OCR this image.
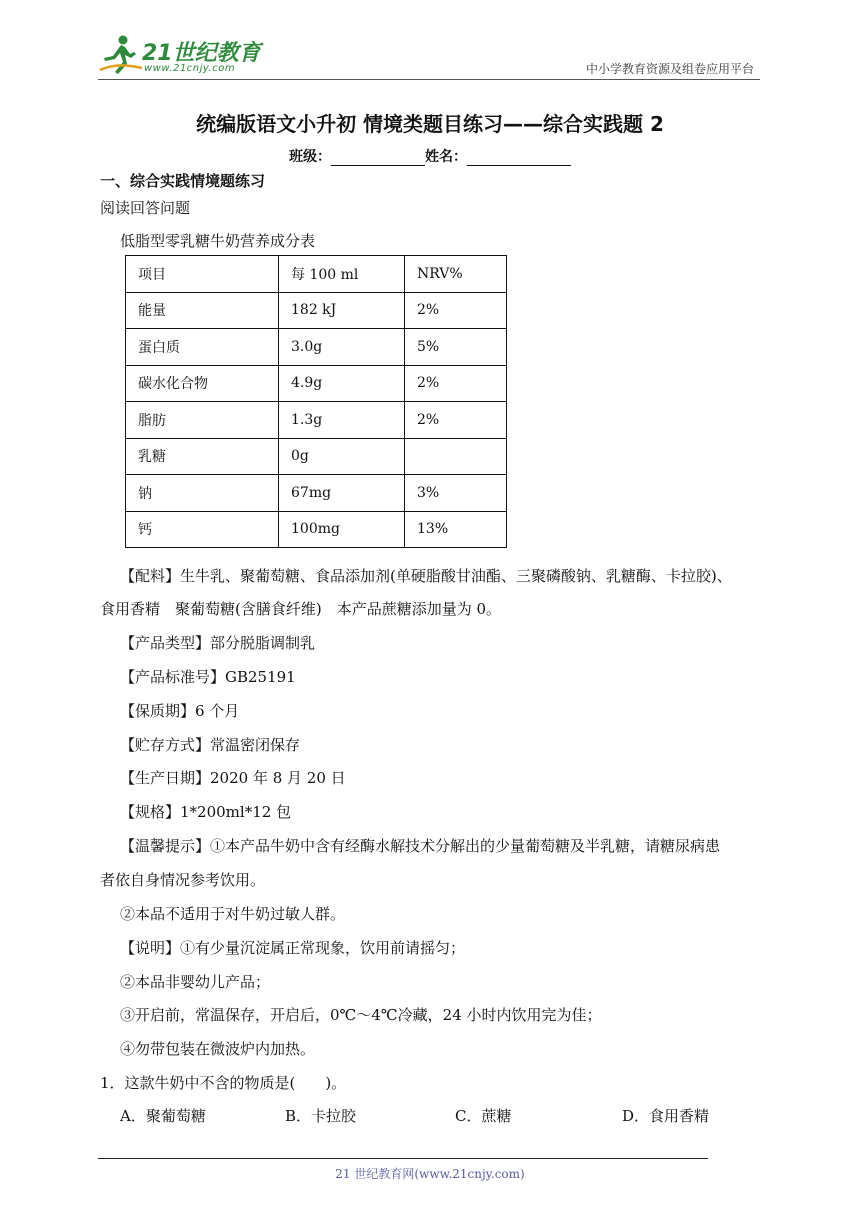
21世纪教育
www.21cnjy.com	中小学教育资源及组卷应用平台
统编版语文小升初 情境类题目练习——综合实践题 2
班级：	姓名：
一、综合实践情境题练习
阅读回答问题
低脂型零乳糖牛奶营养成分表
项目	每 100 ml	NRV%
能量	182 kJ	2%
蛋白质	3.0g	5%
碳水化合物	4.9g	2%
脂肪	1.3g	2%
乳糖	0g	
钠	67mg	3%
钙	100mg	13%
【配料】生牛乳、聚葡萄糖、食品添加剂(单硬脂酸甘油酯、三聚磷酸钠、乳糖酶、卡拉胶)、
食用香精　聚葡萄糖(含膳食纤维)　本产品蔗糖添加量为 0。
【产品类型】部分脱脂调制乳
【产品标准号】GB25191
【保质期】6 个月
【贮存方式】常温密闭保存
【生产日期】2020 年 8 月 20 日
【规格】1*200ml*12 包
【温馨提示】①本产品牛奶中含有经酶水解技术分解出的少量葡萄糖及半乳糖，请糖尿病患
者依自身情况参考饮用。
②本品不适用于对牛奶过敏人群。
【说明】①有少量沉淀属正常现象，饮用前请摇匀；
②本品非婴幼儿产品；
③开启前，常温保存，开启后，0℃～4℃冷藏，24 小时内饮用完为佳；
④勿带包装在微波炉内加热。
1．这款牛奶中不含的物质是(　　)。
A．聚葡萄糖	B．卡拉胶	C．蔗糖	D．食用香精
21 世纪教育网(www.21cnjy.com)
